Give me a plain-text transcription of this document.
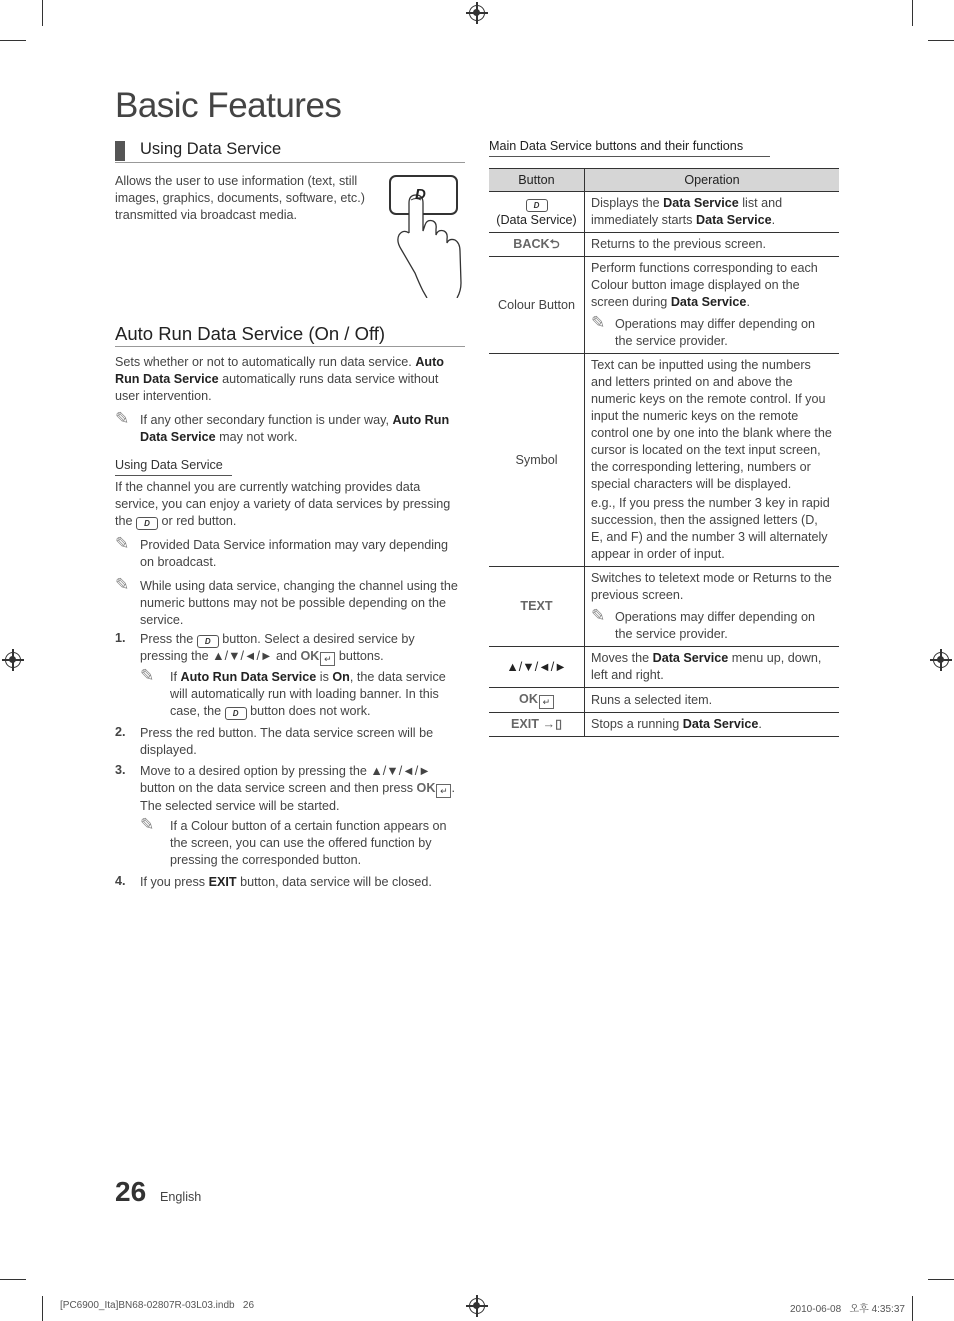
Basic Features
Using Data Service
Allows the user to use information (text, still images, graphics, documents, software, etc.) transmitted via broadcast media.
D
Auto Run Data Service (On / Off)
Sets whether or not to automatically run data service. Auto Run Data Service automatically runs data service without user intervention.
✎ If any other secondary function is under way, Auto Run Data Service may not work.
Using Data Service
If the channel you are currently watching provides data service, you can enjoy a variety of data services by pressing the D or red button.
✎ Provided Data Service information may vary depending on broadcast.
✎ While using data service, changing the channel using the numeric buttons may not be possible depending on the service.
1. Press the D button. Select a desired service by pressing the ▲/▼/◄/► and OK ↵ buttons.
✎ If Auto Run Data Service is On, the data service will automatically run with loading banner. In this case, the D button does not work.
2. Press the red button. The data service screen will be displayed.
3. Move to a desired option by pressing the ▲/▼/◄/► button on the data service screen and then press OK ↵ . The selected service will be started.
✎ If a Colour button of a certain function appears on the screen, you can use the offered function by pressing the corresponded button.
4. If you press EXIT button, data service will be closed.
Main Data Service buttons and their functions
Button	Operation
D
(Data Service)	Displays the Data Service list and immediately starts Data Service.
BACK⮌	Returns to the previous screen.
Colour Button	Perform functions corresponding to each Colour button image displayed on the screen during Data Service.
✎ Operations may differ depending on the service provider.

Symbol	Text can be inputted using the numbers and letters printed on and above the numeric keys on the remote control. If you input the numeric keys on the remote control one by one into the blank where the cursor is located on the text input screen, the corresponding lettering, numbers or special characters will be displayed.
e.g., If you press the number 3 key in rapid succession, then the assigned letters (D, E, and F) and the number 3 will alternately appear in order of input.

TEXT	Switches to teletext mode or Returns to the previous screen.
✎ Operations may differ depending on the service provider.

▲/▼/◄/►	Moves the Data Service menu up, down, left and right.
OK ↵	Runs a selected item.
EXIT →▯	Stops a running Data Service.
26 English
[PC6900_Ita]BN68-02807R-03L03.indb   26	2010-06-08   오후 4:35:37
